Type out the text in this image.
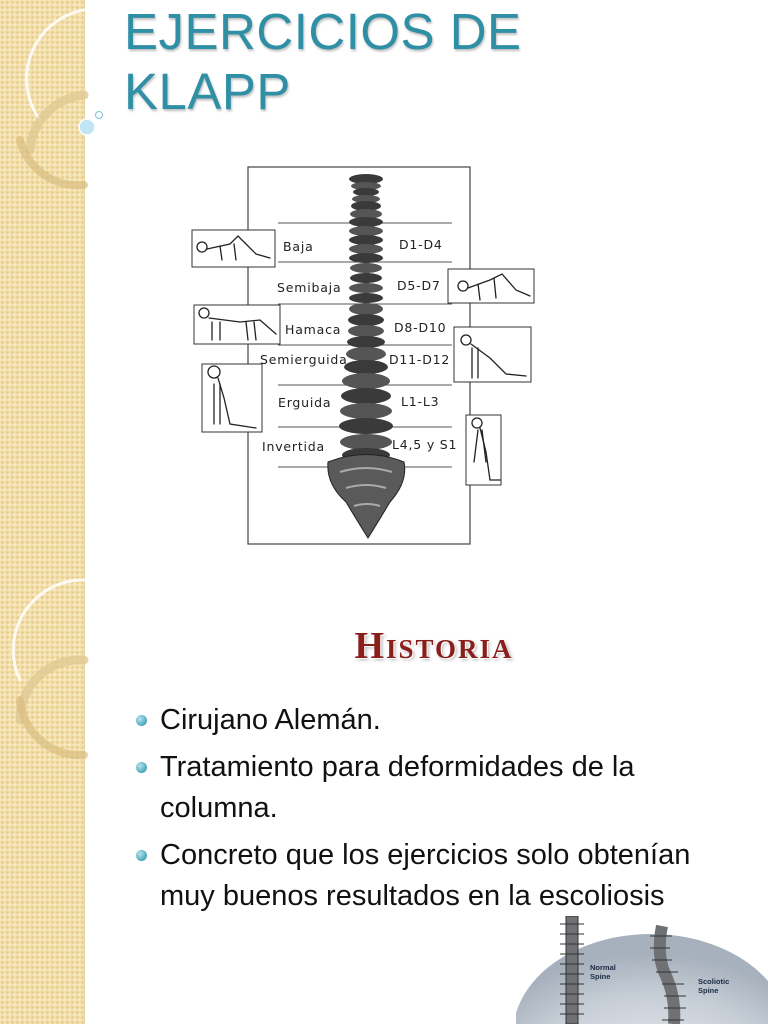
EJERCICIOS DE
KLAPP
Baja	D1-D4
Semibaja	D5-D7
Hamaca	D8-D10
Semierguida	D11-D12
Erguida	L1-L3
Invertida	L4,5 y S1
Historia
Cirujano Alemán.
Tratamiento para deformidades de la columna.
Concreto que los ejercicios solo obtenían muy buenos resultados en la escoliosis
Normal
Spine
Scoliotic
Spine
